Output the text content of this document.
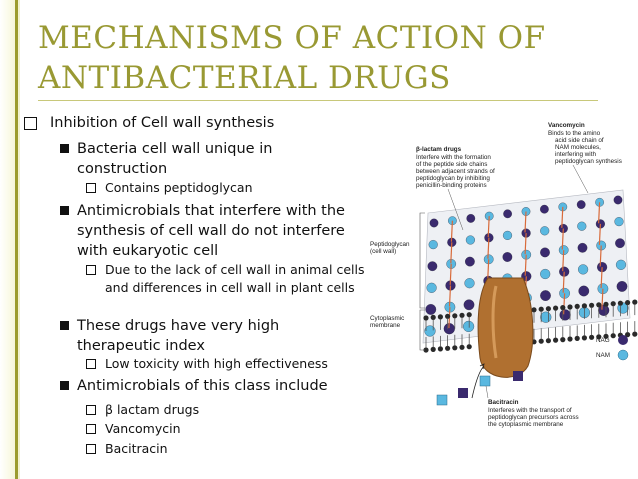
MECHANISMS OF ACTION OF
ANTIBACTERIAL DRUGS
Inhibition of Cell wall synthesis
Bacteria cell wall unique in construction
Contains peptidoglycan
Antimicrobials that interfere with the synthesis of cell wall do not interfere with eukaryotic cell
Due to the lack of cell wall in animal cells and differences in cell wall in plant cells
These drugs have very high therapeutic index
Low toxicity with high effectiveness
Antimicrobials of this class include
β lactam drugs
Vancomycin
Bacitracin
β-lactam drugs
Interfere with the formation
of the peptide side chains
between adjacent strands of
peptidoglycan by inhibiting
penicillin-binding proteins
Vancomycin
Binds to the amino
acid side chain of
NAM molecules,
interfering with
peptidoglycan synthesis
Peptidoglycan
(cell wall)
Cytoplasmic
membrane
NAG
NAM
Bacitracin
Interferes with the transport of
peptidoglycan precursors across
the cytoplasmic membrane
